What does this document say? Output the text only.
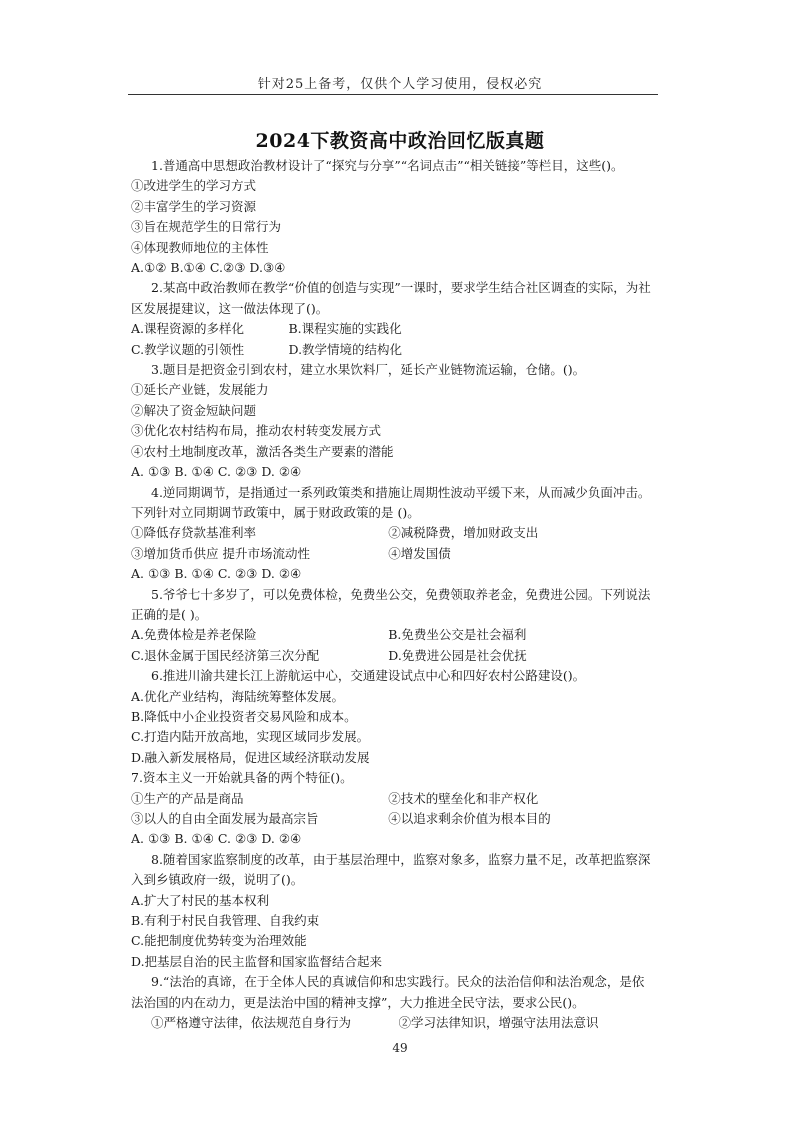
针对25上备考，仅供个人学习使用，侵权必究
2024下教资高中政治回忆版真题
1.普通高中思想政治教材设计了“探究与分享”“名词点击”“相关链接”等栏目，这些()。
①改进学生的学习方式
②丰富学生的学习资源
③旨在规范学生的日常行为
④体现教师地位的主体性
A.①② B.①④ C.②③ D.③④
2.某高中政治教师在教学“价值的创造与实现”一课时，要求学生结合社区调查的实际，为社区发展提建议，这一做法体现了()。
A.课程资源的多样化	B.课程实施的实践化
C.教学议题的引领性	D.教学情境的结构化
3.题目是把资金引到农村，建立水果饮料厂，延长产业链物流运输，仓储。()。
①延长产业链，发展能力
②解决了资金短缺问题
③优化农村结构布局，推动农村转变发展方式
④农村土地制度改革，激活各类生产要素的潜能
A. ①③ B. ①④ C. ②③ D. ②④
4.逆同期调节，是指通过一系列政策类和措施让周期性波动平缓下来，从而减少负面冲击。下列针对立同期调节政策中，属于财政政策的是 ()。
①降低存贷款基准利率	②减税降费，增加财政支出
③增加货币供应 提升市场流动性	④增发国债
A. ①③ B. ①④ C. ②③ D. ②④
5.爷爷七十多岁了，可以免费体检，免费坐公交，免费领取养老金，免费进公园。下列说法正确的是( )。
A.免费体检是养老保险	B.免费坐公交是社会福利
C.退休金属于国民经济第三次分配	D.免费进公园是社会优抚
6.推进川渝共建长江上游航运中心，交通建设试点中心和四好农村公路建设()。
A.优化产业结构，海陆统筹整体发展。
B.降低中小企业投资者交易风险和成本。
C.打造内陆开放高地，实现区域同步发展。
D.融入新发展格局，促进区域经济联动发展
7.资本主义一开始就具备的两个特征()。
①生产的产品是商品	②技术的壁垒化和非产权化
③以人的自由全面发展为最高宗旨	④以追求剩余价值为根本目的
A. ①③ B. ①④ C. ②③ D. ②④
8.随着国家监察制度的改革，由于基层治理中，监察对象多，监察力量不足，改革把监察深入到乡镇政府一级，说明了()。
A.扩大了村民的基本权利
B.有利于村民自我管理、自我约束
C.能把制度优势转变为治理效能
D.把基层自治的民主监督和国家监督结合起来
9.“法治的真谛，在于全体人民的真诚信仰和忠实践行。民众的法治信仰和法治观念，是依法治国的内在动力，更是法治中国的精神支撑”，大力推进全民守法，要求公民()。
①严格遵守法律，依法规范自身行为	②学习法律知识，增强守法用法意识
49
